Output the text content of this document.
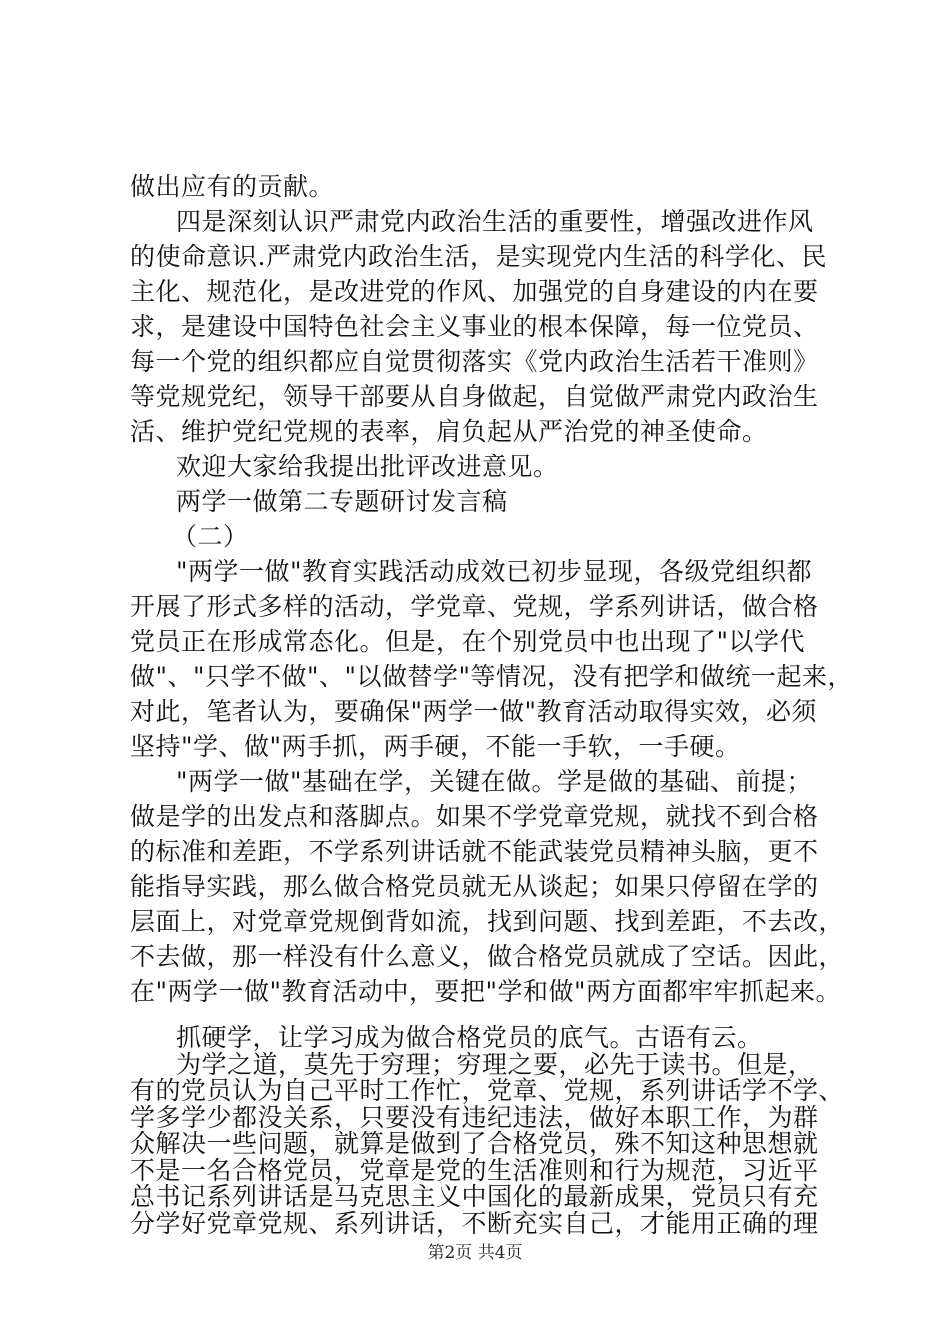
做出应有的贡献。
四是深刻认识严肃党内政治生活的重要性，增强改进作风
的使命意识.严肃党内政治生活，是实现党内生活的科学化、民
主化、规范化，是改进党的作风、加强党的自身建设的内在要
求，是建设中国特色社会主义事业的根本保障，每一位党员、
每一个党的组织都应自觉贯彻落实《党内政治生活若干准则》
等党规党纪，领导干部要从自身做起，自觉做严肃党内政治生
活、维护党纪党规的表率，肩负起从严治党的神圣使命。
欢迎大家给我提出批评改进意见。
两学一做第二专题研讨发言稿
（二）
"两学一做"教育实践活动成效已初步显现，各级党组织都
开展了形式多样的活动，学党章、党规，学系列讲话，做合格
党员正在形成常态化。但是，在个别党员中也出现了"以学代
做"、"只学不做"、"以做替学"等情况，没有把学和做统一起来，
对此，笔者认为，要确保"两学一做"教育活动取得实效，必须
坚持"学、做"两手抓，两手硬，不能一手软，一手硬。
"两学一做"基础在学，关键在做。学是做的基础、前提；
做是学的出发点和落脚点。如果不学党章党规，就找不到合格
的标准和差距，不学系列讲话就不能武装党员精神头脑，更不
能指导实践，那么做合格党员就无从谈起；如果只停留在学的
层面上，对党章党规倒背如流，找到问题、找到差距，不去改，
不去做，那一样没有什么意义，做合格党员就成了空话。因此，
在"两学一做"教育活动中，要把"学和做"两方面都牢牢抓起来。
抓硬学，让学习成为做合格党员的底气。古语有云。
为学之道，莫先于穷理；穷理之要，必先于读书。但是，
有的党员认为自己平时工作忙，党章、党规，系列讲话学不学、
学多学少都没关系，只要没有违纪违法，做好本职工作，为群
众解决一些问题，就算是做到了合格党员，殊不知这种思想就
不是一名合格党员，党章是党的生活准则和行为规范，习近平
总书记系列讲话是马克思主义中国化的最新成果，党员只有充
分学好党章党规、系列讲话，不断充实自己，才能用正确的理
第2页 共4页
